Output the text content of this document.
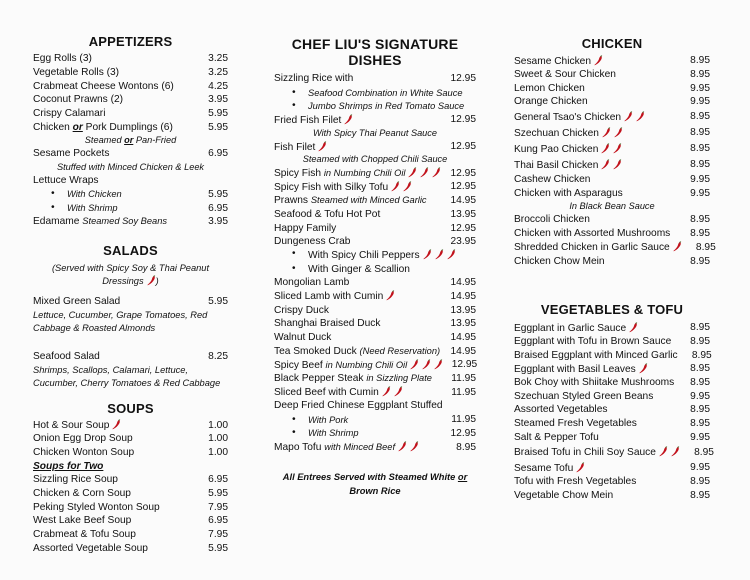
APPETIZERS
Egg Rolls (3)	3.25
Vegetable Rolls (3)	3.25
Crabmeat Cheese Wontons (6)	4.25
Coconut Prawns (2)	3.95
Crispy Calamari	5.95
Chicken or Pork Dumplings (6)	5.95
Steamed or Pan-Fried
Sesame Pockets	6.95
Stuffed with Minced Chicken & Leek
Lettuce Wraps
• With Chicken	5.95
• With Shrimp	6.95
Edamame Steamed Soy Beans	3.95
SALADS
(Served with Spicy Soy & Thai Peanut Dressings )
Mixed Green Salad	5.95
Lettuce, Cucumber, Grape Tomatoes, Red Cabbage & Roasted Almonds
Seafood Salad	8.25
Shrimps, Scallops, Calamari, Lettuce, Cucumber, Cherry Tomatoes & Red Cabbage
SOUPS
Hot & Sour Soup	1.00
Onion Egg Drop Soup	1.00
Chicken Wonton Soup	1.00
Soups for Two
Sizzling Rice Soup	6.95
Chicken & Corn Soup	5.95
Peking Styled Wonton Soup	7.95
West Lake Beef Soup	6.95
Crabmeat & Tofu Soup	7.95
Assorted Vegetable Soup	5.95
CHEF LIU'S SIGNATURE DISHES
Sizzling Rice with	12.95
• Seafood Combination in White Sauce
• Jumbo Shrimps in Red Tomato Sauce
Fried Fish Filet	12.95
With Spicy Thai Peanut Sauce
Fish Filet	12.95
Steamed with Chopped Chili Sauce
Spicy Fish in Numbing Chili Oil	12.95
Spicy Fish with Silky Tofu	12.95
Prawns Steamed with Minced Garlic	14.95
Seafood & Tofu Hot Pot	13.95
Happy Family	12.95
Dungeness Crab	23.95
• With Spicy Chili Peppers
• With Ginger & Scallion
Mongolian Lamb	14.95
Sliced Lamb with Cumin	14.95
Crispy Duck	13.95
Shanghai Braised Duck	13.95
Walnut Duck	14.95
Tea Smoked Duck (Need Reservation)	14.95
Spicy Beef in Numbing Chili Oil	12.95
Black Pepper Steak in Sizzling Plate	11.95
Sliced Beef with Cumin	11.95
Deep Fried Chinese Eggplant Stuffed
• With Pork	11.95
• With Shrimp	12.95
Mapo Tofu with Minced Beef	8.95
All Entrees Served with Steamed White or
Brown Rice
CHICKEN
Sesame Chicken	8.95
Sweet & Sour Chicken	8.95
Lemon Chicken	9.95
Orange Chicken	9.95
General Tsao's Chicken	8.95
Szechuan Chicken	8.95
Kung Pao Chicken	8.95
Thai Basil Chicken	8.95
Cashew Chicken	9.95
Chicken with Asparagus	9.95
In Black Bean Sauce
Broccoli Chicken	8.95
Chicken with Assorted Mushrooms	8.95
Shredded Chicken in Garlic Sauce	8.95
Chicken Chow Mein	8.95
VEGETABLES & TOFU
Eggplant in Garlic Sauce	8.95
Eggplant with Tofu in Brown Sauce	8.95
Braised Eggplant with Minced Garlic	8.95
Eggplant with Basil Leaves	8.95
Bok Choy with Shiitake Mushrooms	8.95
Szechuan Styled Green Beans	9.95
Assorted Vegetables	8.95
Steamed Fresh Vegetables	8.95
Salt & Pepper Tofu	9.95
Braised Tofu in Chili Soy Sauce	8.95
Sesame Tofu	9.95
Tofu with Fresh Vegetables	8.95
Vegetable Chow Mein	8.95
